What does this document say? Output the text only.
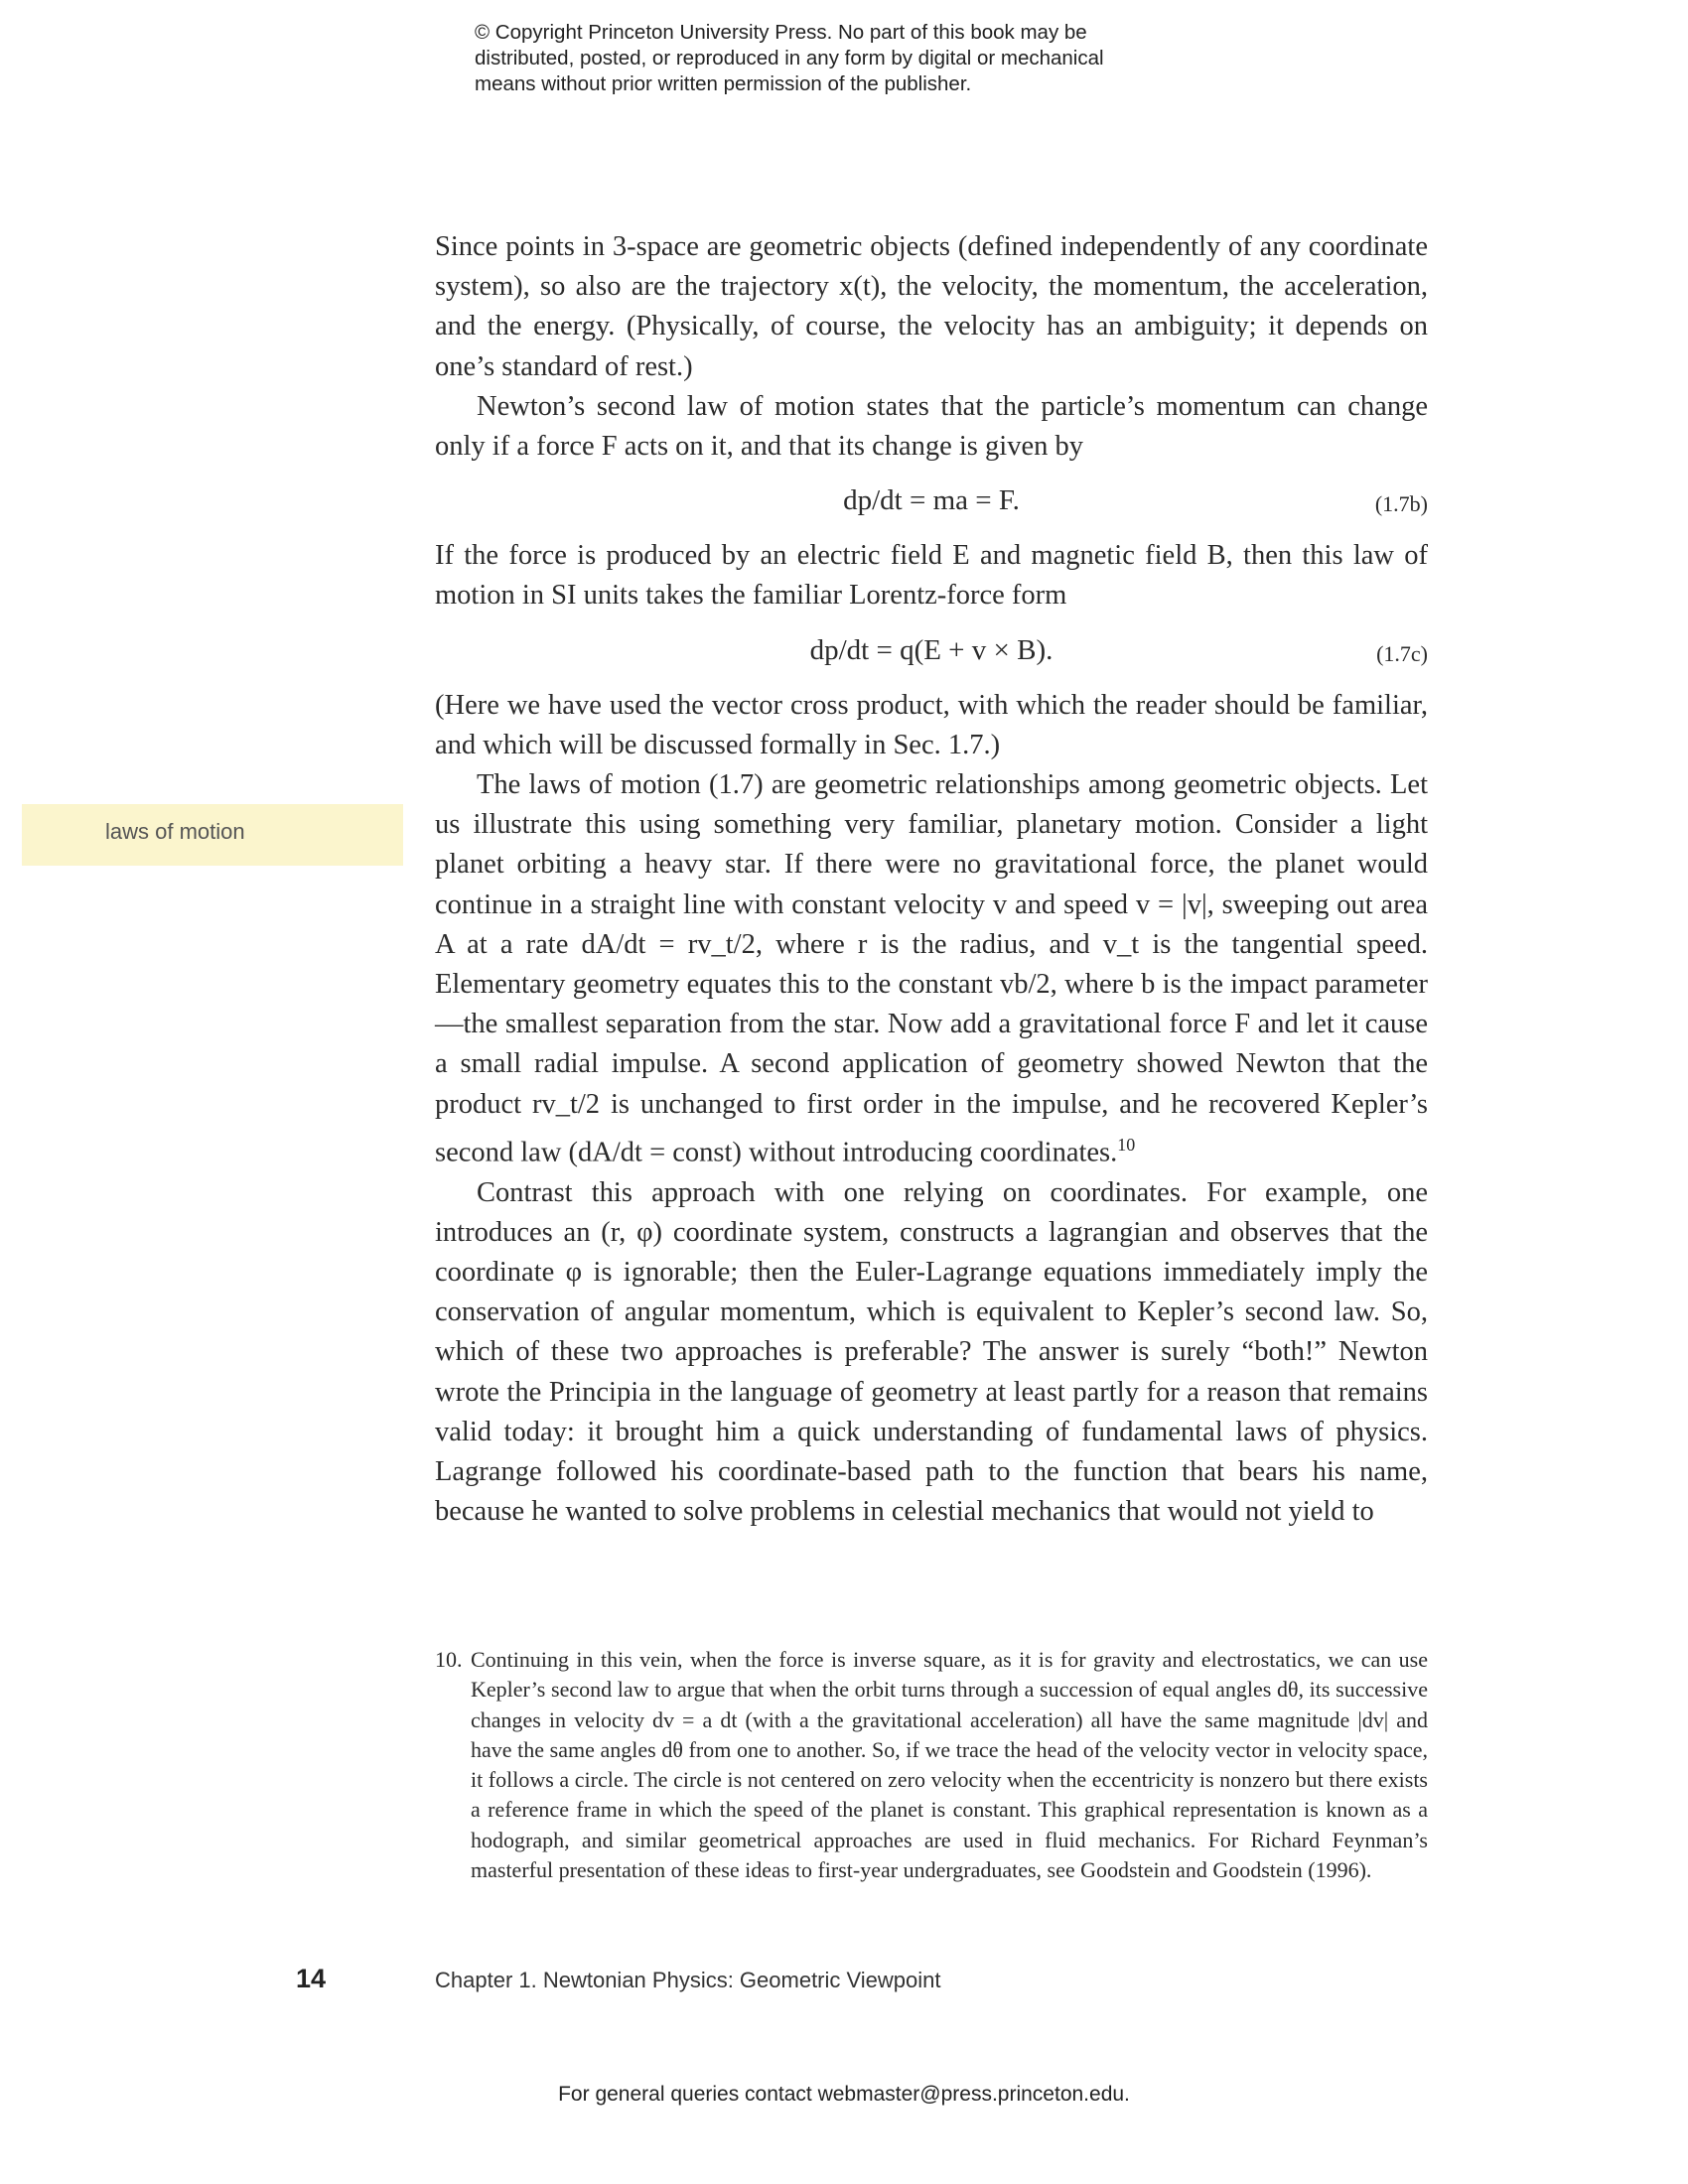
© Copyright Princeton University Press. No part of this book may be
distributed, posted, or reproduced in any form by digital or mechanical
means without prior written permission of the publisher.
laws of motion

Since points in 3-space are geometric objects (defined independently of any coordinate system), so also are the trajectory x(t), the velocity, the momentum, the acceleration, and the energy. (Physically, of course, the velocity has an ambiguity; it depends on one’s standard of rest.)

Newton’s second law of motion states that the particle’s momentum can change only if a force F acts on it, and that its change is given by

dp/dt = ma = F.	(1.7b)

If the force is produced by an electric field E and magnetic field B, then this law of motion in SI units takes the familiar Lorentz-force form

dp/dt = q(E + v × B).	(1.7c)

(Here we have used the vector cross product, with which the reader should be familiar, and which will be discussed formally in Sec. 1.7.)

The laws of motion (1.7) are geometric relationships among geometric objects. Let us illustrate this using something very familiar, planetary motion. Consider a light planet orbiting a heavy star. If there were no gravitational force, the planet would continue in a straight line with constant velocity v and speed v = |v|, sweeping out area A at a rate dA/dt = rv_t/2, where r is the radius, and v_t is the tangential speed. Elementary geometry equates this to the constant vb/2, where b is the impact parameter—the smallest separation from the star. Now add a gravitational force F and let it cause a small radial impulse. A second application of geometry showed Newton that the product rv_t/2 is unchanged to first order in the impulse, and he recovered Kepler’s second law (dA/dt = const) without introducing coordinates.$^{10}$

Contrast this approach with one relying on coordinates. For example, one introduces an (r, φ) coordinate system, constructs a lagrangian and observes that the coordinate φ is ignorable; then the Euler-Lagrange equations immediately imply the conservation of angular momentum, which is equivalent to Kepler’s second law. So, which of these two approaches is preferable? The answer is surely “both!” Newton wrote the Principia in the language of geometry at least partly for a reason that remains valid today: it brought him a quick understanding of fundamental laws of physics. Lagrange followed his coordinate-based path to the function that bears his name, because he wanted to solve problems in celestial mechanics that would not yield to

10. Continuing in this vein, when the force is inverse square, as it is for gravity and electrostatics, we can use Kepler’s second law to argue that when the orbit turns through a succession of equal angles dθ, its successive changes in velocity dv = a dt (with a the gravitational acceleration) all have the same magnitude |dv| and have the same angles dθ from one to another. So, if we trace the head of the velocity vector in velocity space, it follows a circle. The circle is not centered on zero velocity when the eccentricity is nonzero but there exists a reference frame in which the speed of the planet is constant. This graphical representation is known as a hodograph, and similar geometrical approaches are used in fluid mechanics. For Richard Feynman’s masterful presentation of these ideas to first-year undergraduates, see Goodstein and Goodstein (1996).
14	Chapter 1. Newtonian Physics: Geometric Viewpoint
For general queries contact webmaster@press.princeton.edu.
